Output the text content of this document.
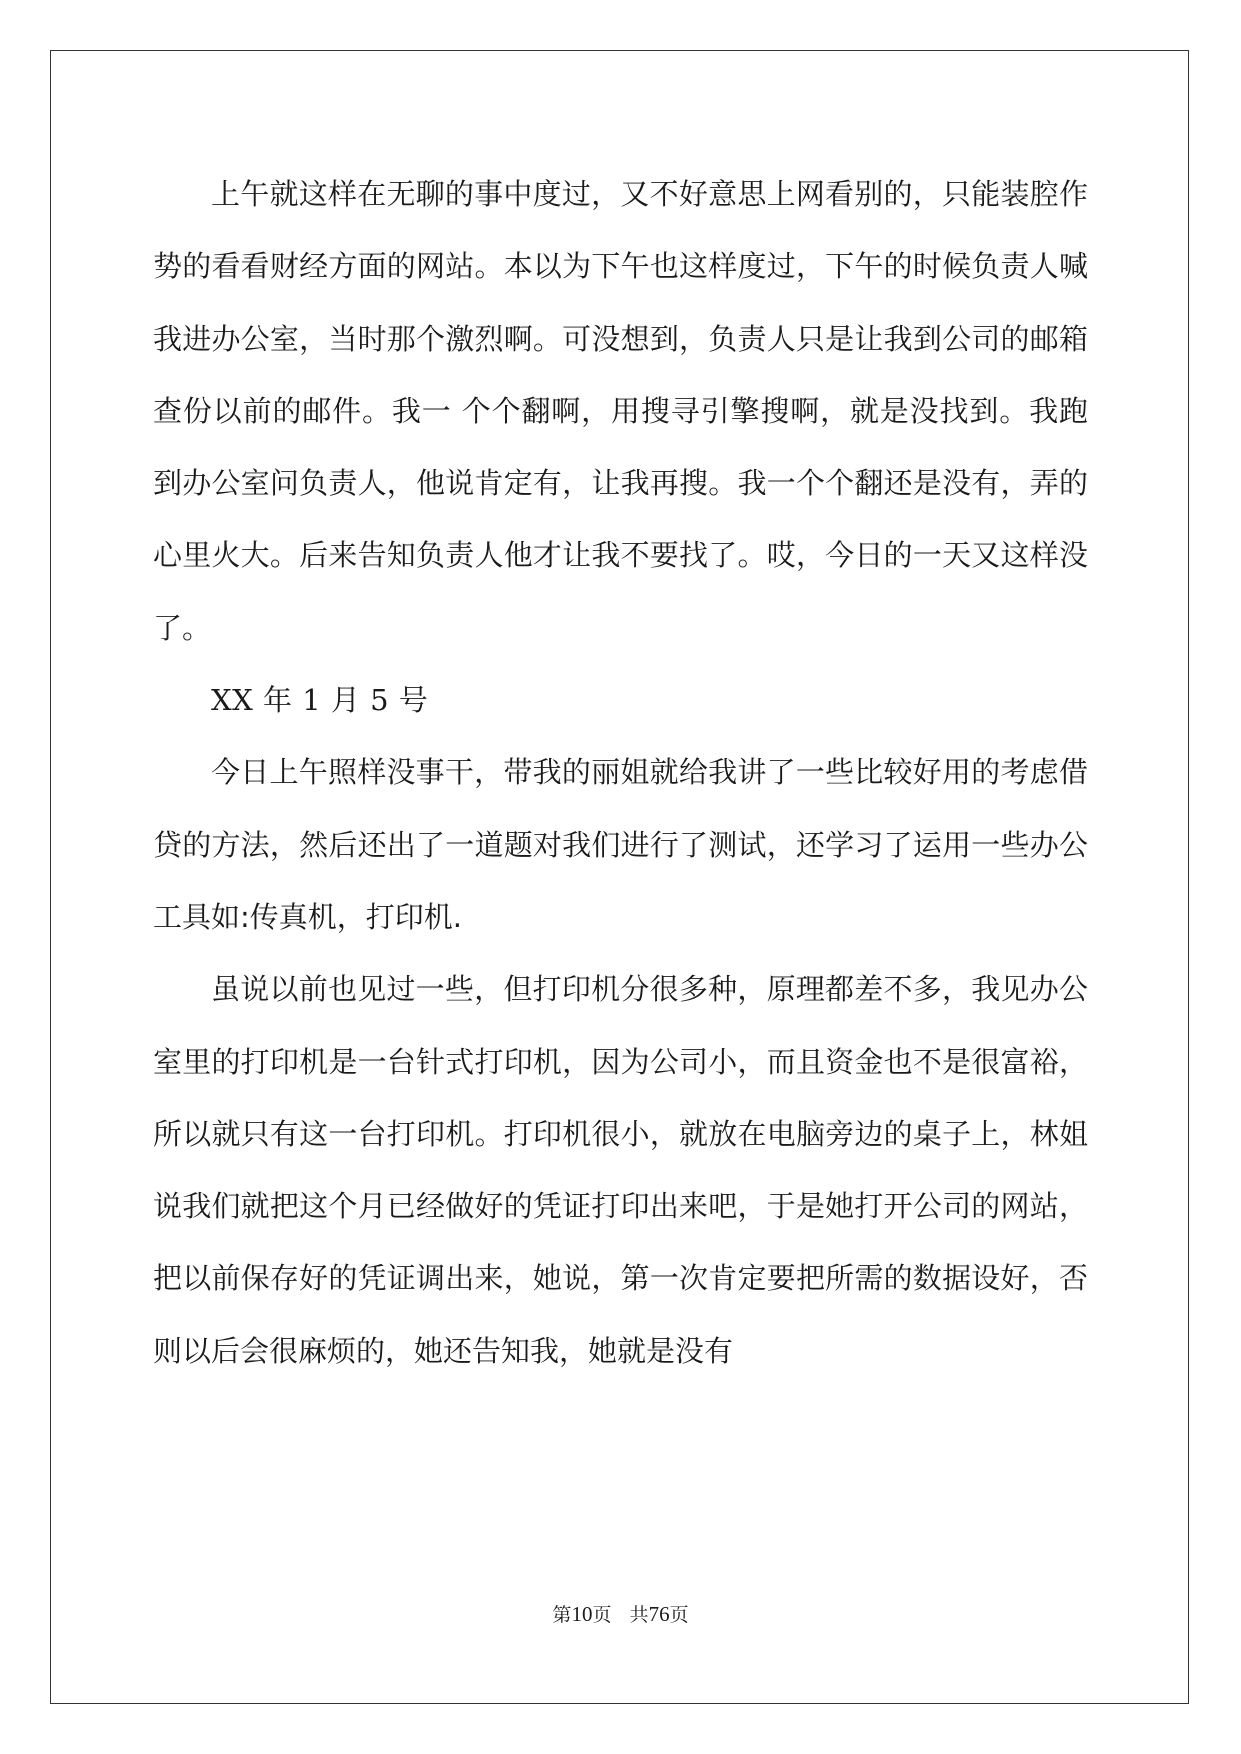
上午就这样在无聊的事中度过，又不好意思上网看别的，只能装腔作势的看看财经方面的网站。本以为下午也这样度过，下午的时候负责人喊我进办公室，当时那个激烈啊。可没想到，负责人只是让我到公司的邮箱查份以前的邮件。我一 个个翻啊，用搜寻引擎搜啊，就是没找到。我跑到办公室问负责人，他说肯定有，让我再搜。我一个个翻还是没有，弄的心里火大。后来告知负责人他才让我不要找了。哎，今日的一天又这样没了。

XX 年 1 月 5 号

今日上午照样没事干，带我的丽姐就给我讲了一些比较好用的考虑借贷的方法，然后还出了一道题对我们进行了测试，还学习了运用一些办公工具如:传真机，打印机.

虽说以前也见过一些，但打印机分很多种，原理都差不多，我见办公室里的打印机是一台针式打印机，因为公司小，而且资金也不是很富裕，所以就只有这一台打印机。打印机很小，就放在电脑旁边的桌子上，林姐说我们就把这个月已经做好的凭证打印出来吧，于是她打开公司的网站，把以前保存好的凭证调出来，她说，第一次肯定要把所需的数据设好，否则以后会很麻烦的，她还告知我，她就是没有

第10页   共76页
